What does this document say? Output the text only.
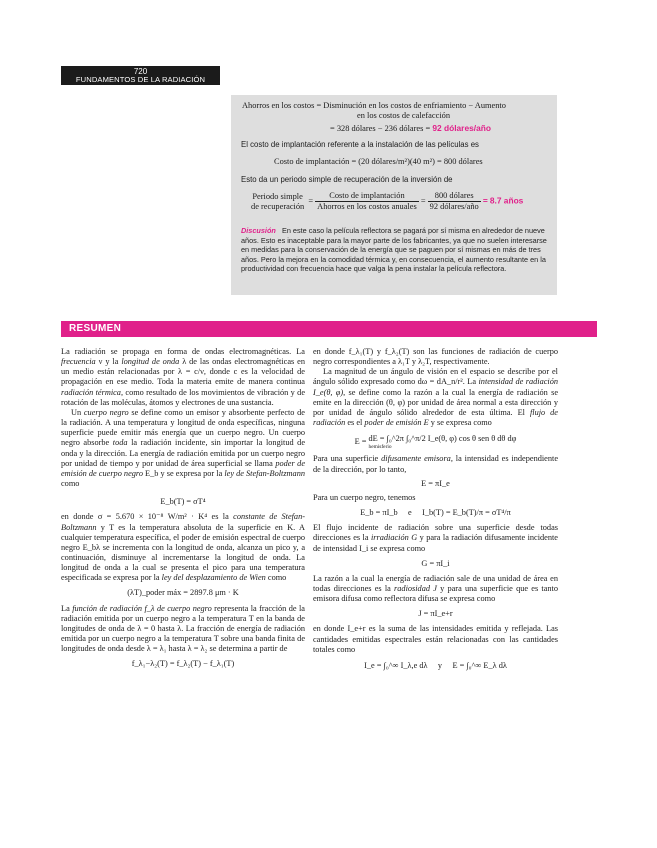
720
FUNDAMENTOS DE LA RADIACIÓN
Ahorros en los costos = Disminución en los costos de enfriamiento − Aumento
en los costos de calefacción
= 328 dólares − 236 dólares = 92 dólares/año
El costo de implantación referente a la instalación de las películas es
Costo de implantación = (20 dólares/m²)(40 m²) = 800 dólares
Esto da un periodo simple de recuperación de la inversión de
Periodo simple
de recuperación
= $\frac{\text{Costo de implantación}}{\text{Ahorros en los costos anuales}} = \frac{\text{800 dólares}}{\text{92 dólares/año}} = 8.7$ años
Discusión En este caso la película reflectora se pagará por sí misma en alrededor de nueve años. Esto es inaceptable para la mayor parte de los fabricantes, ya que no suelen interesarse en medidas para la conservación de la energía que se paguen por sí mismas en más de tres años. Pero la mejora en la comodidad térmica y, en consecuencia, el aumento resultante en la productividad con frecuencia hace que valga la pena instalar la película reflectora.
RESUMEN

La radiación se propaga en forma de ondas electromagnéticas. La frecuencia ν y la longitud de onda λ de las ondas electromagnéticas en un medio están relacionadas por λ = c/ν, donde c es la velocidad de propagación en ese medio. Toda la materia emite de manera continua radiación térmica, como resultado de los movimientos de vibración y de rotación de las moléculas, átomos y electrones de una sustancia.

Un cuerpo negro se define como un emisor y absorbente perfecto de la radiación. A una temperatura y longitud de onda específicas, ninguna superficie puede emitir más energía que un cuerpo negro. Un cuerpo negro absorbe toda la radiación incidente, sin importar la longitud de onda y la dirección. La energía de radiación emitida por un cuerpo negro por unidad de tiempo y por unidad de área superficial se llama poder de emisión de cuerpo negro E_b y se expresa por la ley de Stefan-Boltzmann como

E_b(T) = σT⁴

en donde σ = 5.670 × 10⁻⁸ W/m² · K⁴ es la constante de Stefan-Boltzmann y T es la temperatura absoluta de la superficie en K. A cualquier temperatura específica, el poder de emisión espectral de cuerpo negro E_bλ se incrementa con la longitud de onda, alcanza un pico y, a continuación, disminuye al incrementarse la longitud de onda. La longitud de onda a la cual se presenta el pico para una temperatura especificada se expresa por la ley del desplazamiento de Wien como

(λT)_poder máx = 2897.8 μm · K

La función de radiación f_λ de cuerpo negro representa la fracción de la radiación emitida por un cuerpo negro a la temperatura T en la banda de longitudes de onda de λ = 0 hasta λ. La fracción de energía de radiación emitida por un cuerpo negro a la temperatura T sobre una banda finita de longitudes de onda desde λ = λ₁ hasta λ = λ₂ se determina a partir de

f_λ₁−λ₂(T) = f_λ₂(T) − f_λ₁(T)

en donde f_λ₁(T) y f_λ₂(T) son las funciones de radiación de cuerpo negro correspondientes a λ₁T y λ₂T, respectivamente.

La magnitud de un ángulo de visión en el espacio se describe por el ángulo sólido expresado como dω = dA_n/r². La intensidad de radiación I_e(θ, φ), se define como la razón a la cual la energía de radiación se emite en la dirección (θ, φ) por unidad de área normal a esta dirección y por unidad de ángulo sólido alrededor de esta última. El flujo de radiación es el poder de emisión E y se expresa como

E = dE = ∫₀^2π ∫₀^π/2 I_e(θ, φ) cos θ sen θ dθ dφ
hemisferio

Para una superficie difusamente emisora, la intensidad es independiente de la dirección, por lo tanto,

E = πI_e

Para un cuerpo negro, tenemos

E_b = πI_b e I_b(T) = E_b(T)/π = σT⁴/π

El flujo incidente de radiación sobre una superficie desde todas direcciones es la irradiación G y para la radiación difusamente incidente de intensidad I_i se expresa como

G = πI_i

La razón a la cual la energía de radiación sale de una unidad de área en todas direcciones es la radiosidad J y para una superficie que es tanto emisora difusa como reflectora difusa se expresa como

J = πI_e+r

en donde I_e+r es la suma de las intensidades emitida y reflejada. Las cantidades emitidas espectrales están relacionadas con las cantidades totales como

I_e = ∫₀^∞ I_λ,e dλ y E = ∫₀^∞ E_λ dλ
